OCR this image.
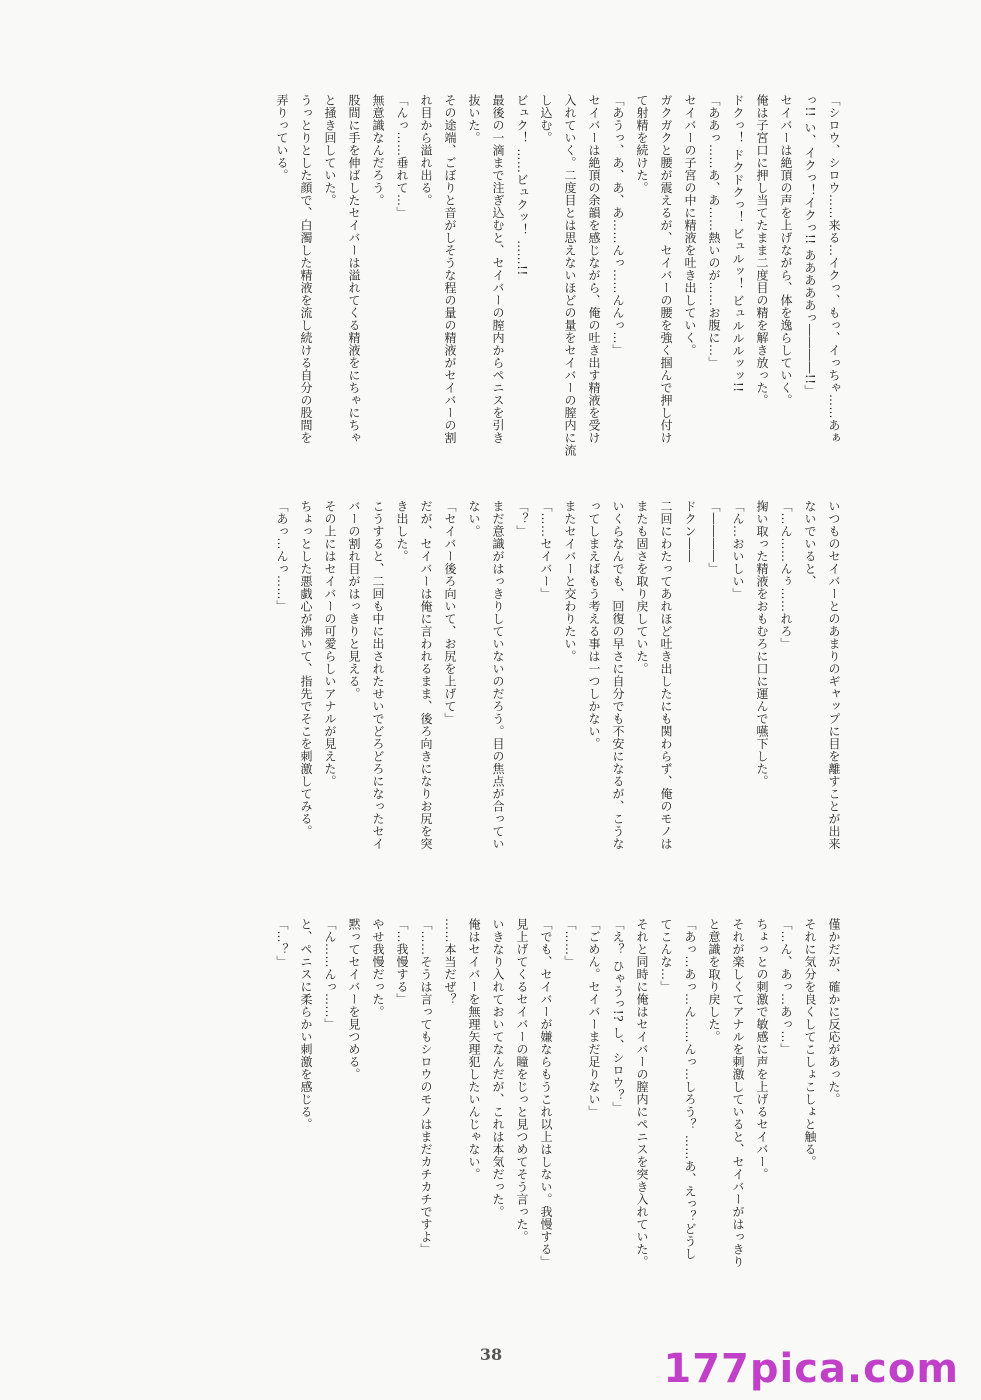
「シロウ、シロウ……来る…イクっ、もっ、イっちゃ……あぁ

っ!! い、イクっ！イクっ!! あああああっ――――!!」

セイバーは絶頂の声を上げながら、体を逸らしていく。

俺は子宮口に押し当てたまま二度目の精を解き放った。

ドクっ！ ドクドクっ！ ビュルッ！ ビュルルルッッ!!

「ああっ……あ、あ……熱いのが……お腹に…」

セイバーの子宮の中に精液を吐き出していく。

ガクガクと腰が震えるが、セイバーの腰を強く掴んで押し付け

て射精を続けた。

「あうっ、あ、あ、あ……んっ……んんっ…」

セイバーは絶頂の余韻を感じながら、俺の吐き出す精液を受け

入れていく。二度目とは思えないほどの量をセイバーの膣内に流

し込む。

ビュク！ ……ビュクッ！ ……!!

最後の一滴まで注ぎ込むと、セイバーの膣内からペニスを引き

抜いた。

その途端、ごぼりと音がしそうな程の量の精液がセイバーの割

れ目から溢れ出る。

「んっ……垂れて…」

無意識なんだろう。

股間に手を伸ばしたセイバーは溢れてくる精液をにちゃにちゃ

と掻き回していた。

うっとりとした顔で、白濁した精液を流し続ける自分の股間を

弄りっている。

いつものセイバーとのあまりのギャップに目を離すことが出来

ないでいると、

「…ん……んぅ……れろ」

掬い取った精液をおもむろに口に運んで嚥下した。

「ん…おいしい」

「――――」

ドクン――

二回にわたってあれほど吐き出したにも関わらず、俺のモノは

またも固さを取り戻していた。

いくらなんでも、回復の早さに自分でも不安になるが、こうな

ってしまえばもう考える事は一つしかない。

またセイバーと交わりたい。

「……セイバー」

「？」

まだ意識がはっきりしていないのだろう。目の焦点が合ってい

ない。

「セイバー後ろ向いて、お尻を上げて」

だが、セイバーは俺に言われるまま、後ろ向きになりお尻を突

き出した。

こうすると、二回も中に出されたせいでどろどろになったセイ

バーの割れ目がはっきりと見える。

その上にはセイバーの可愛らしいアナルが見えた。

ちょっとした悪戯心が沸いて、指先でそこを刺激してみる。

「あっ…んっ……」

僅かだが、確かに反応があった。

それに気分を良くしてこしょこしょと触る。

「…ん、あっ…あっ…」

ちょっとの刺激で敏感に声を上げるセイバー。

それが楽しくてアナルを刺激していると、セイバーがはっきり

と意識を取り戻した。

「あっ…あっ…ん……んっ…しろう？ ……あ、えっ？どうし

てこんな…」

それと同時に俺はセイバーの膣内にペニスを突き入れていた。

「え？ ひゃうっ!? し、シロウ？」

「ごめん。セイバーまだ足りない」

「……」

「でも、セイバーが嫌ならもうこれ以上はしない。我慢する」

見上げてくるセイバーの瞳をじっと見つめてそう言った。

いきなり入れておいてなんだが、これは本気だった。

俺はセイバーを無理矢理犯したいんじゃない。

……本当だぜ？

「……そうは言ってもシロウのモノはまだカチカチですよ」

「…我慢する」

やせ我慢だった。

黙ってセイバーを見つめる。

「ん……んっ……」

と、ペニスに柔らかい刺激を感じる。

「…？」

38	177pica.com
